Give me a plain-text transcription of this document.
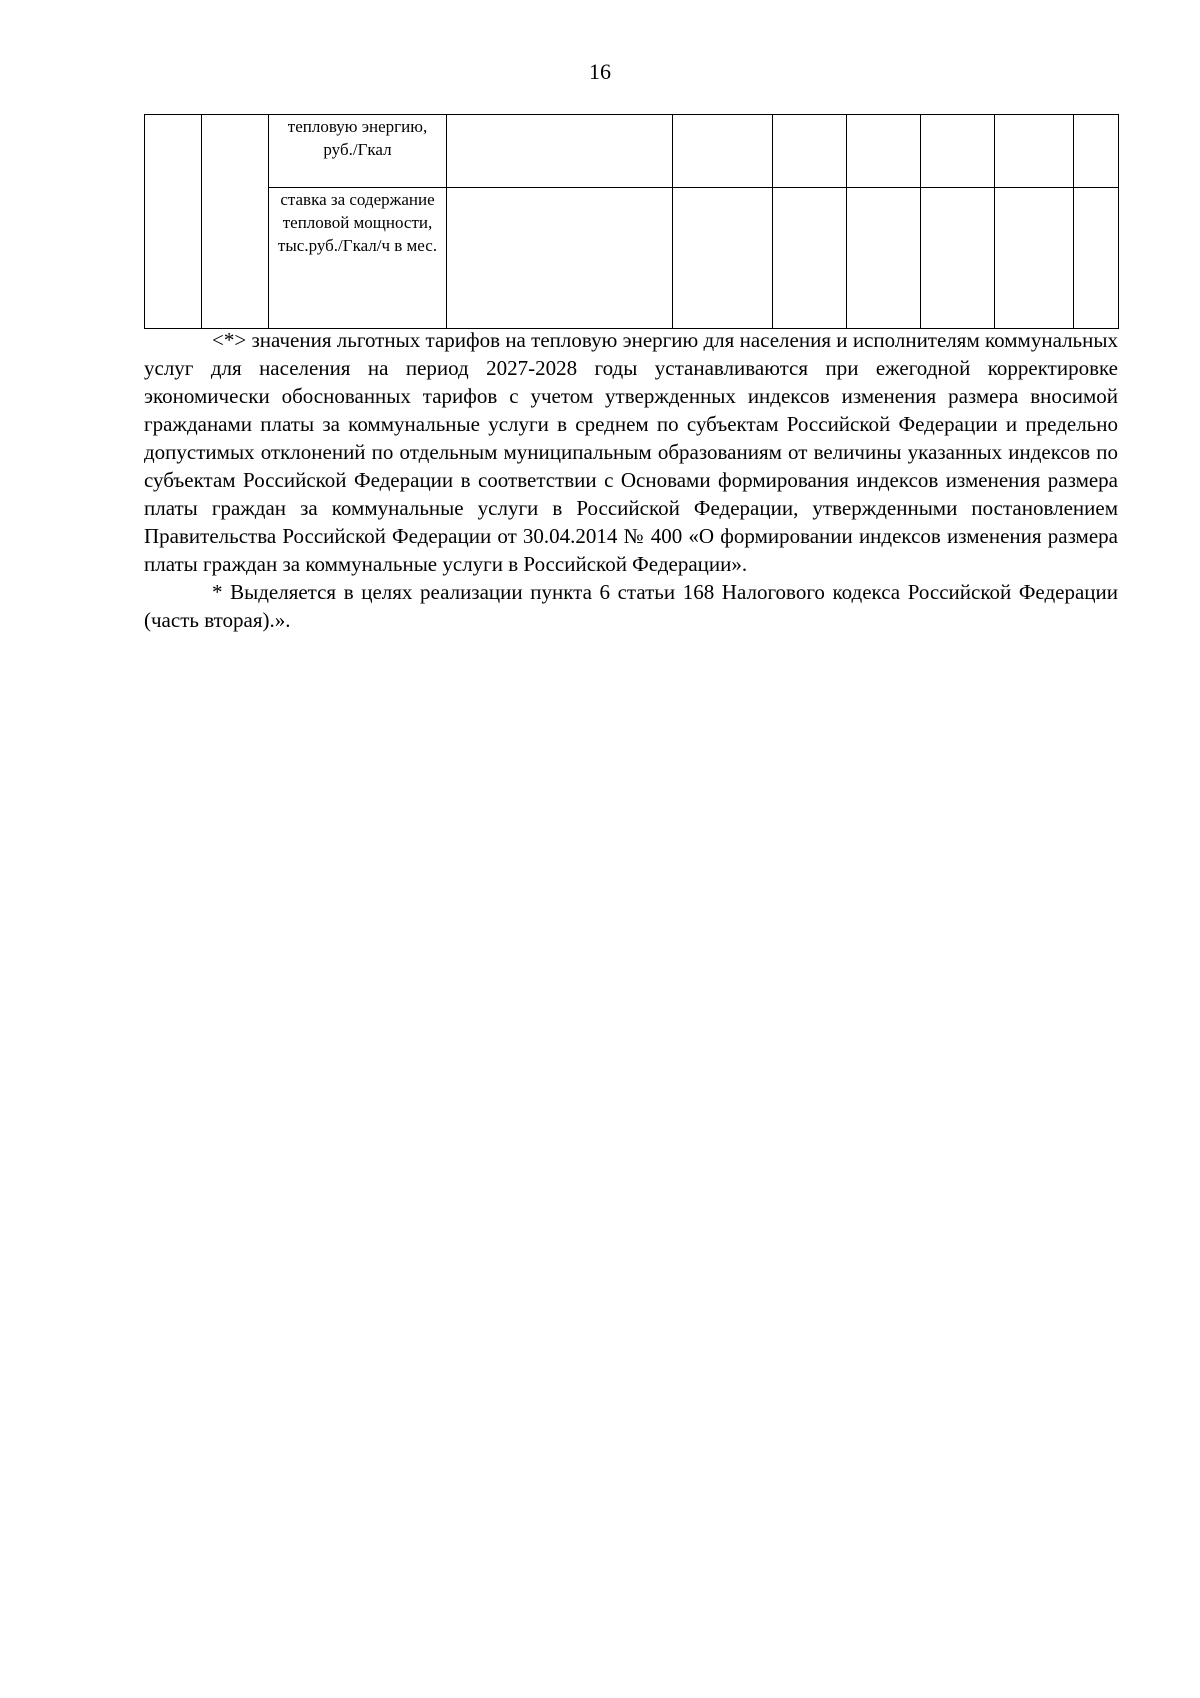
16
		тепловую энергию, руб./Гкал							
		ставка за содержание тепловой мощности, тыс.руб./Гкал/ч в мес.							

<*> значения льготных тарифов на тепловую энергию для населения и исполнителям коммунальных услуг для населения на период 2027-2028 годы устанавливаются при ежегодной корректировке экономически обоснованных тарифов с учетом утвержденных индексов изменения размера вносимой гражданами платы за коммунальные услуги в среднем по субъектам Российской Федерации и предельно допустимых отклонений по отдельным муниципальным образованиям от величины указанных индексов по субъектам Российской Федерации в соответствии с Основами формирования индексов изменения размера платы граждан за коммунальные услуги в Российской Федерации, утвержденными постановлением Правительства Российской Федерации от 30.04.2014 № 400 «О формировании индексов изменения размера платы граждан за коммунальные услуги в Российской Федерации».

* Выделяется в целях реализации пункта 6 статьи 168 Налогового кодекса Российской Федерации (часть вторая).».
